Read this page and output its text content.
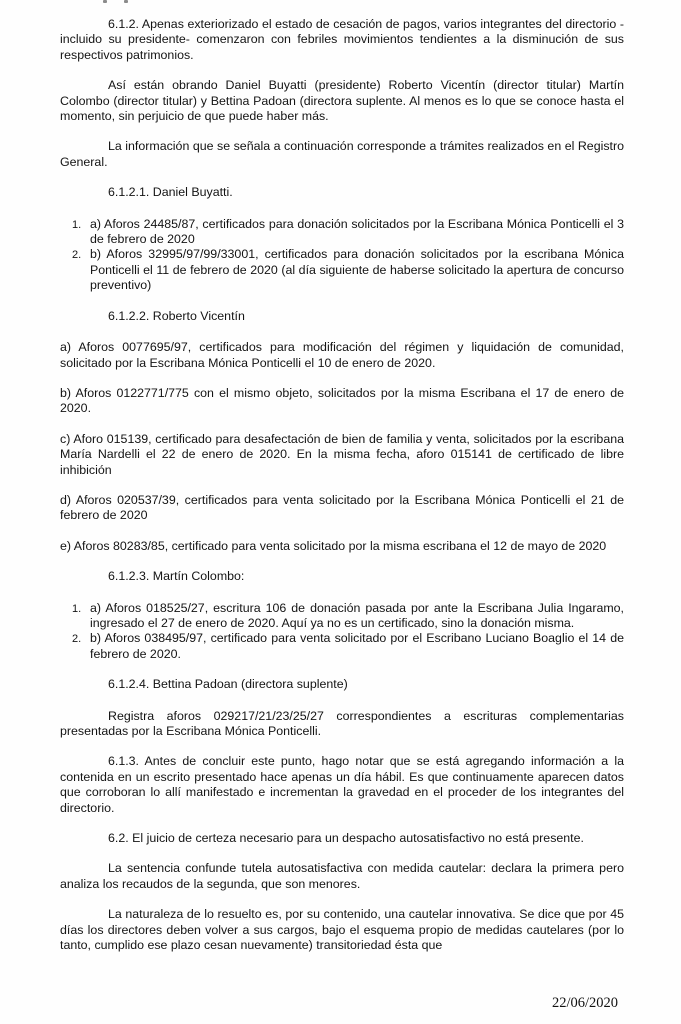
6.1.2. Apenas exteriorizado el estado de cesación de pagos, varios integrantes del directorio -incluido su presidente- comenzaron con febriles movimientos tendientes a la disminución de sus respectivos patrimonios.

Así están obrando Daniel Buyatti (presidente) Roberto Vicentín (director titular) Martín Colombo (director titular) y Bettina Padoan (directora suplente. Al menos es lo que se conoce hasta el momento, sin perjuicio de que puede haber más.

La información que se señala a continuación corresponde a trámites realizados en el Registro General.

6.1.2.1. Daniel Buyatti.

1. a) Aforos 24485/87, certificados para donación solicitados por la Escribana Mónica Ponticelli el 3 de febrero de 2020
2. b) Aforos 32995/97/99/33001, certificados para donación solicitados por la escribana Mónica Ponticelli el 11 de febrero de 2020 (al día siguiente de haberse solicitado la apertura de concurso preventivo)

6.1.2.2. Roberto Vicentín

a) Aforos 0077695/97, certificados para modificación del régimen y liquidación de comunidad, solicitado por la Escribana Mónica Ponticelli el 10 de enero de 2020.

b) Aforos 0122771/775 con el mismo objeto, solicitados por la misma Escribana el 17 de enero de 2020.

c) Aforo 015139, certificado para desafectación de bien de familia y venta, solicitados por la escribana María Nardelli el 22 de enero de 2020. En la misma fecha, aforo 015141 de certificado de libre inhibición

d) Aforos 020537/39, certificados para venta solicitado por la Escribana Mónica Ponticelli el 21 de febrero de 2020

e) Aforos 80283/85, certificado para venta solicitado por la misma escribana el 12 de mayo de 2020

6.1.2.3. Martín Colombo:

1. a) Aforos 018525/27, escritura 106 de donación pasada por ante la Escribana Julia Ingaramo, ingresado el 27 de enero de 2020. Aquí ya no es un certificado, sino la donación misma.
2. b) Aforos 038495/97, certificado para venta solicitado por el Escribano Luciano Boaglio el 14 de febrero de 2020.

6.1.2.4. Bettina Padoan (directora suplente)

Registra aforos 029217/21/23/25/27 correspondientes a escrituras complementarias presentadas por la Escribana Mónica Ponticelli.

6.1.3. Antes de concluir este punto, hago notar que se está agregando información a la contenida en un escrito presentado hace apenas un día hábil. Es que continuamente aparecen datos que corroboran lo allí manifestado e incrementan la gravedad en el proceder de los integrantes del directorio.

6.2. El juicio de certeza necesario para un despacho autosatisfactivo no está presente.

La sentencia confunde tutela autosatisfactiva con medida cautelar: declara la primera pero analiza los recaudos de la segunda, que son menores.

La naturaleza de lo resuelto es, por su contenido, una cautelar innovativa. Se dice que por 45 días los directores deben volver a sus cargos, bajo el esquema propio de medidas cautelares (por lo tanto, cumplido ese plazo cesan nuevamente) transitoriedad ésta que

22/06/2020
